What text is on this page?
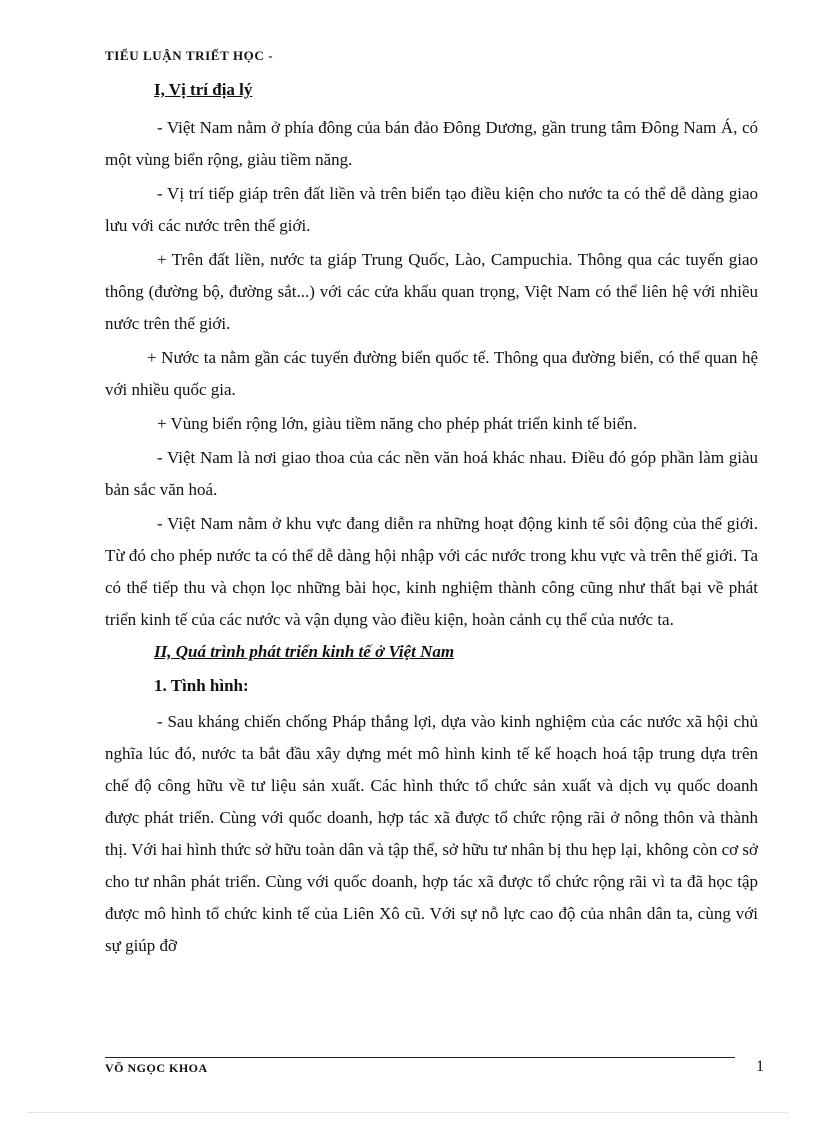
TIỂU LUẬN TRIẾT HỌC -
I, Vị trí địa lý

- Việt Nam nằm ở phía đông của bán đảo Đông Dương, gần trung tâm Đông Nam Á, có một vùng biển rộng, giàu tiềm năng.

- Vị trí tiếp giáp trên đất liền và trên biển tạo điều kiện cho nước ta có thể dễ dàng giao lưu với các nước trên thế giới.

+ Trên đất liền, nước ta giáp Trung Quốc, Lào, Campuchia. Thông qua các tuyến giao thông (đường bộ, đường sắt...) với các cửa khẩu quan trọng, Việt Nam có thể liên hệ với nhiều nước trên thế giới.

+ Nước ta nằm gần các tuyến đường biển quốc tế. Thông qua đường biển, có thể quan hệ với nhiều quốc gia.

+ Vùng biển rộng lớn, giàu tiềm năng cho phép phát triển kinh tế biển.

- Việt Nam là nơi giao thoa của các nền văn hoá khác nhau. Điều đó góp phần làm giàu bản sắc văn hoá.

- Việt Nam nằm ở khu vực đang diễn ra những hoạt động kinh tế sôi động của thế giới. Từ đó cho phép nước ta có thể dễ dàng hội nhập với các nước trong khu vực và trên thế giới. Ta có thể tiếp thu và chọn lọc những bài học, kinh nghiệm thành công cũng như thất bại về phát triển kinh tế của các nước và vận dụng vào điều kiện, hoàn cảnh cụ thể của nước ta.

II, Quá trình phát triển kinh tế ở Việt Nam
1. Tình hình:

- Sau kháng chiến chống Pháp thắng lợi, dựa vào kinh nghiệm của các nước xã hội chủ nghĩa lúc đó, nước ta bắt đầu xây dựng mét mô hình kinh tế kế hoạch hoá tập trung dựa trên chế độ công hữu về tư liệu sản xuất. Các hình thức tổ chức sản xuất và dịch vụ quốc doanh được phát triển. Cùng với quốc doanh, hợp tác xã được tổ chức rộng rãi ở nông thôn và thành thị. Với hai hình thức sở hữu toàn dân và tập thể, sở hữu tư nhân bị thu hẹp lại, không còn cơ sở cho tư nhân phát triển. Cùng với quốc doanh, hợp tác xã được tổ chức rộng rãi vì ta đã học tập được mô hình tổ chức kinh tế của Liên Xô cũ. Với sự nỗ lực cao độ của nhân dân ta, cùng với sự giúp đỡ

VÕ NGỌC KHOA	1
